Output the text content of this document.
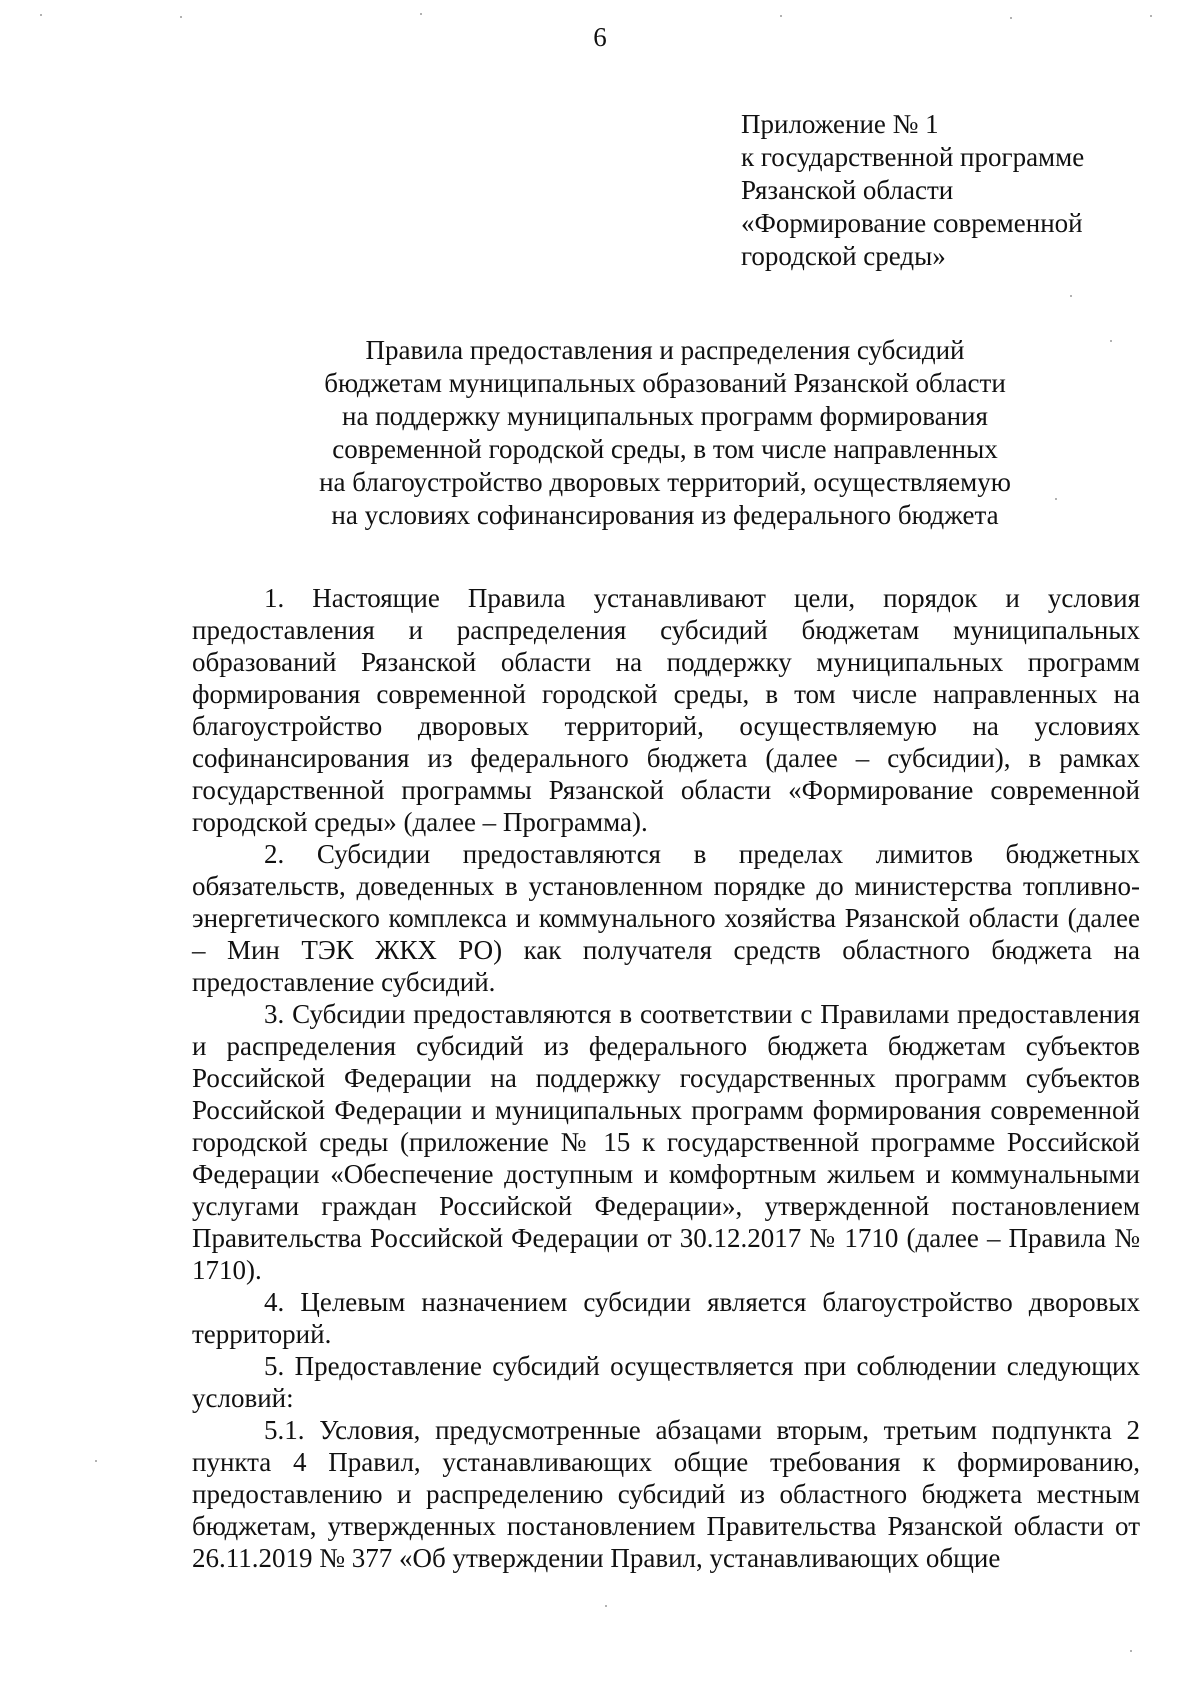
6
Приложение № 1
к государственной программе
Рязанской области
«Формирование современной
городской среды»
Правила предоставления и распределения субсидий
бюджетам муниципальных образований Рязанской области
на поддержку муниципальных программ формирования
современной городской среды, в том числе направленных
на благоустройство дворовых территорий, осуществляемую
на условиях софинансирования из федерального бюджета

1. Настоящие Правила устанавливают цели, порядок и условия предоставления и распределения субсидий бюджетам муниципальных образований Рязанской области на поддержку муниципальных программ формирования современной городской среды, в том числе направленных на благоустройство дворовых территорий, осуществляемую на условиях софинансирования из федерального бюджета (далее – субсидии), в рамках государственной программы Рязанской области «Формирование современной городской среды» (далее – Программа).

2. Субсидии предоставляются в пределах лимитов бюджетных обязательств, доведенных в установленном порядке до министерства топливно-энергетического комплекса и коммунального хозяйства Рязанской области (далее – Мин ТЭК ЖКХ РО) как получателя средств областного бюджета на предоставление субсидий.

3. Субсидии предоставляются в соответствии с Правилами предоставления и распределения субсидий из федерального бюджета бюджетам субъектов Российской Федерации на поддержку государственных программ субъектов Российской Федерации и муниципальных программ формирования современной городской среды (приложение № 15 к государственной программе Российской Федерации «Обеспечение доступным и комфортным жильем и коммунальными услугами граждан Российской Федерации», утвержденной постановлением Правительства Российской Федерации от 30.12.2017 № 1710 (далее – Правила № 1710).

4. Целевым назначением субсидии является благоустройство дворовых территорий.

5. Предоставление субсидий осуществляется при соблюдении следующих условий:

5.1. Условия, предусмотренные абзацами вторым, третьим подпункта 2 пункта 4 Правил, устанавливающих общие требования к формированию, предоставлению и распределению субсидий из областного бюджета местным бюджетам, утвержденных постановлением Правительства Рязанской области от 26.11.2019 № 377 «Об утверждении Правил, устанавливающих общие
